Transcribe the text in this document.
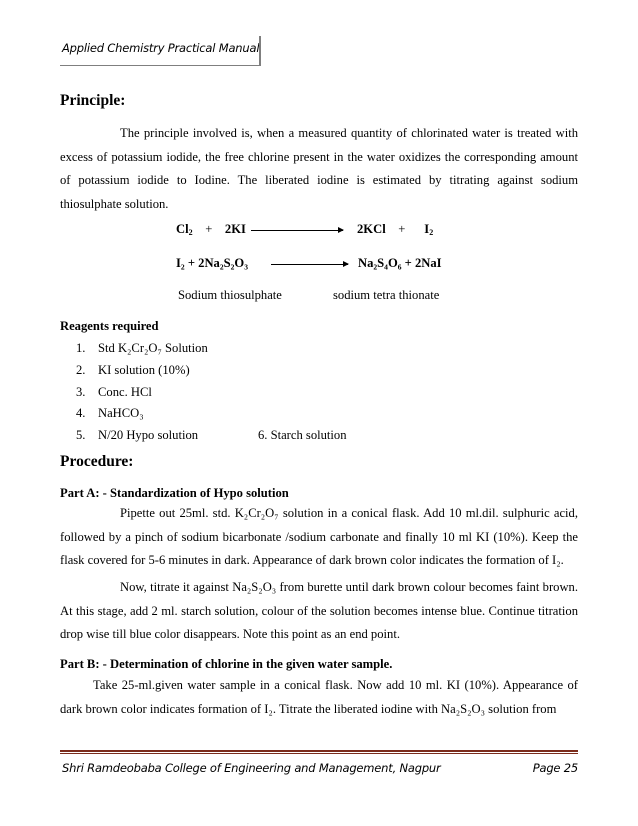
Applied Chemistry Practical Manual
Principle:
The principle involved is, when a measured quantity of chlorinated water is treated with excess of potassium iodide, the free chlorine present in the water oxidizes the corresponding amount of potassium iodide to Iodine. The liberated iodine is estimated by titrating against sodium thiosulphate solution.
$Cl_2 + 2KI$	$2KCl + I_2$
I₂ + 2Na₂S₂O₃	Na₂S₄O₆ + 2NaI
Sodium thiosulphate	sodium tetra thionate
Reagents required
1. Std K₂Cr₂O₇ Solution
2. KI solution (10%)
3. Conc. HCl
4. NaHCO₃
5. N/20 Hypo solution	6. Starch solution
Procedure:
Part A: - Standardization of Hypo solution
Pipette out 25ml. std. K₂Cr₂O₇ solution in a conical flask. Add 10 ml.dil. sulphuric acid, followed by a pinch of sodium bicarbonate /sodium carbonate and finally 10 ml KI (10%). Keep the flask covered for 5-6 minutes in dark. Appearance of dark brown color indicates the formation of I₂.
Now, titrate it against Na₂S₂O₃ from burette until dark brown colour becomes faint brown. At this stage, add 2 ml. starch solution, colour of the solution becomes intense blue. Continue titration drop wise till blue color disappears. Note this point as an end point.
Part B: - Determination of chlorine in the given water sample.
Take 25-ml.given water sample in a conical flask. Now add 10 ml. KI (10%). Appearance of dark brown color indicates formation of I₂. Titrate the liberated iodine with Na₂S₂O₃ solution from
Shri Ramdeobaba College of Engineering and Management, Nagpur	Page 25
